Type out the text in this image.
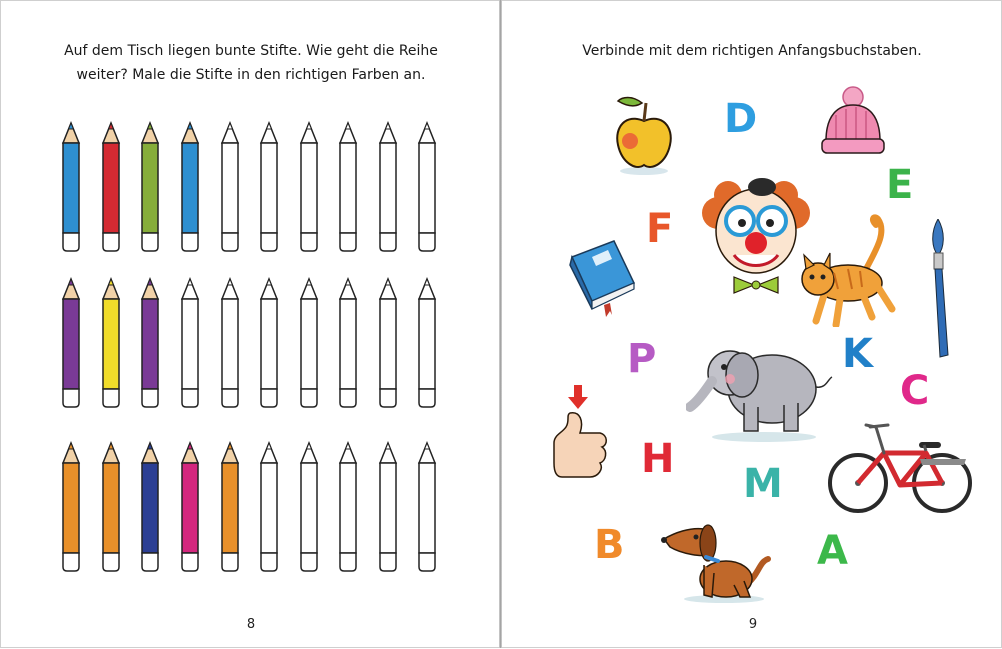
Auf dem Tisch liegen bunte Stifte. Wie geht die Reihe weiter? Male die Stifte in den richtigen Farben an.
8
Verbinde mit dem richtigen Anfangsbuchstaben.
D
E
F
P	K
C
H
M
B	A
9
